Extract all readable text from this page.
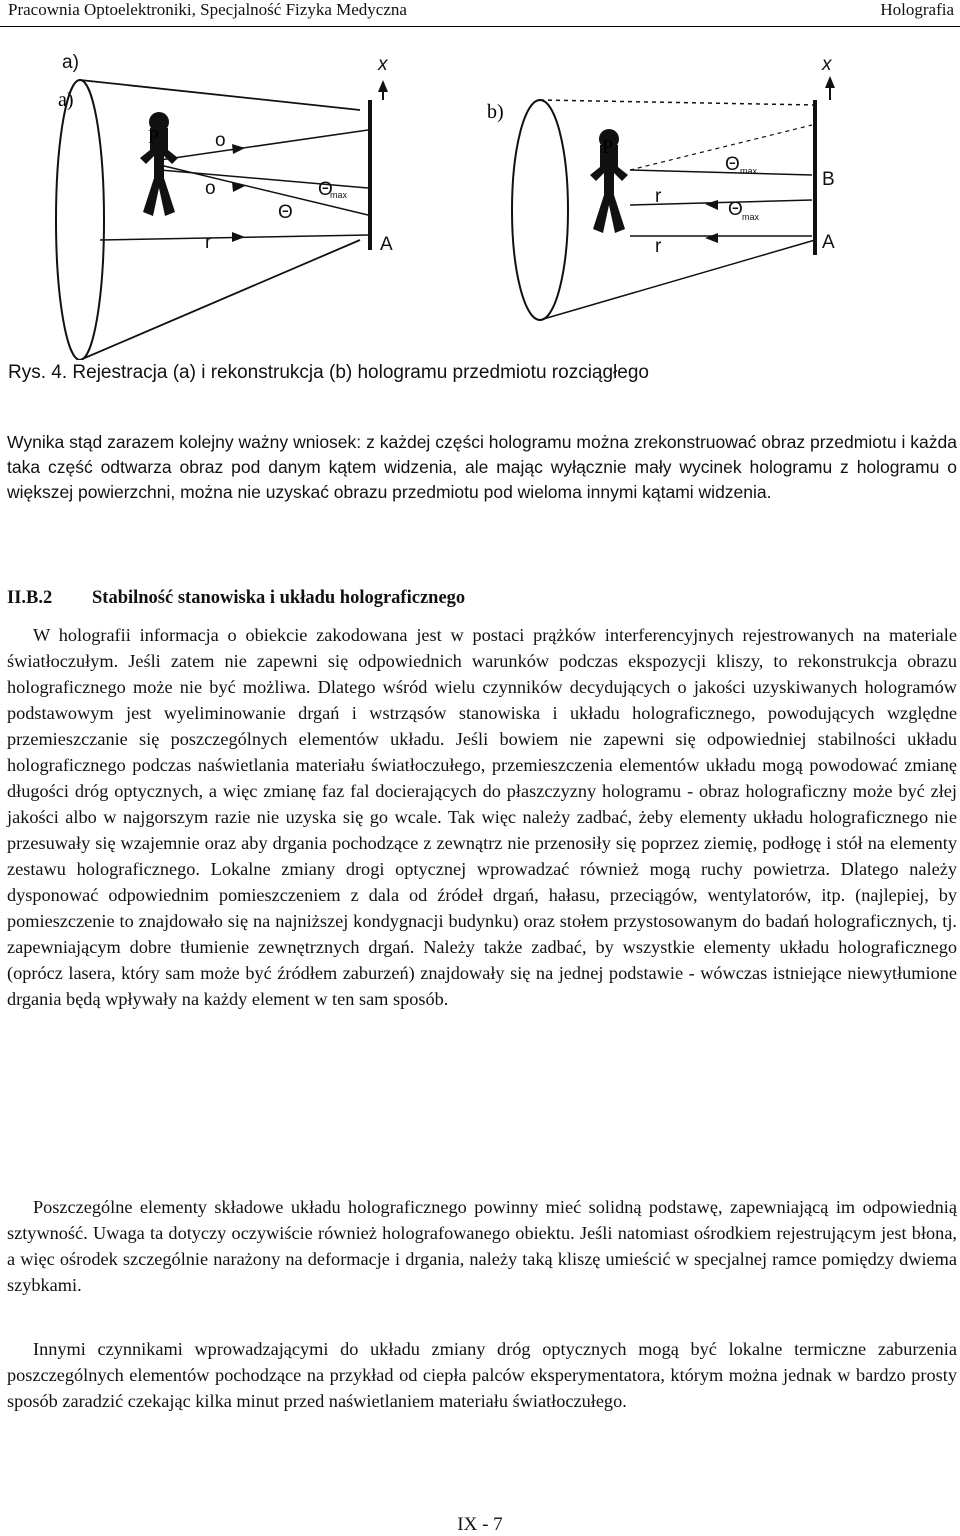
Pracownia Optoelektroniki, Specjalność Fizyka Medyczna	Holografia
a)
a)
x
P	o
o
r
Θ
max
Θ
A
b)
x
P
r
r
Θ max
Θ max
B
A
Rys. 4. Rejestracja (a) i rekonstrukcja (b) hologramu przedmiotu rozciągłego

Wynika stąd zarazem kolejny ważny wniosek: z każdej części hologramu można zrekonstruować obraz przedmiotu i każda taka część odtwarza obraz pod danym kątem widzenia, ale mając wyłącznie mały wycinek hologramu z hologramu o większej powierzchni, można nie uzyskać obrazu przedmiotu pod wieloma innymi kątami widzenia.

II.B.2 Stabilność stanowiska i układu holograficznego

W holografii informacja o obiekcie zakodowana jest w postaci prążków interferencyjnych rejestrowanych na materiale światłoczułym. Jeśli zatem nie zapewni się odpowiednich warunków podczas ekspozycji kliszy, to rekonstrukcja obrazu holograficznego może nie być możliwa. Dlatego wśród wielu czynników decydujących o jakości uzyskiwanych hologramów podstawowym jest wyeliminowanie drgań i wstrząsów stanowiska i układu holograficznego, powodujących względne przemieszczanie się poszczególnych elementów układu. Jeśli bowiem nie zapewni się odpowiedniej stabilności układu holograficznego podczas naświetlania materiału światłoczułego, przemieszczenia elementów układu mogą powodować zmianę długości dróg optycznych, a więc zmianę faz fal docierających do płaszczyzny hologramu - obraz holograficzny może być złej jakości albo w najgorszym razie nie uzyska się go wcale. Tak więc należy zadbać, żeby elementy układu holograficznego nie przesuwały się wzajemnie oraz aby drgania pochodzące z zewnątrz nie przenosiły się poprzez ziemię, podłogę i stół na elementy zestawu holograficznego. Lokalne zmiany drogi optycznej wprowadzać również mogą ruchy powietrza. Dlatego należy dysponować odpowiednim pomieszczeniem z dala od źródeł drgań, hałasu, przeciągów, wentylatorów, itp. (najlepiej, by pomieszczenie to znajdowało się na najniższej kondygnacji budynku) oraz stołem przystosowanym do badań holograficznych, tj. zapewniającym dobre tłumienie zewnętrznych drgań. Należy także zadbać, by wszystkie elementy układu holograficznego (oprócz lasera, który sam może być źródłem zaburzeń) znajdowały się na jednej podstawie - wówczas istniejące niewytłumione drgania będą wpływały na każdy element w ten sam sposób.

Poszczególne elementy składowe układu holograficznego powinny mieć solidną podstawę, zapewniającą im odpowiednią sztywność. Uwaga ta dotyczy oczywiście również holografowanego obiektu. Jeśli natomiast ośrodkiem rejestrującym jest błona, a więc ośrodek szczególnie narażony na deformacje i drgania, należy taką kliszę umieścić w specjalnej ramce pomiędzy dwiema szybkami.

Innymi czynnikami wprowadzającymi do układu zmiany dróg optycznych mogą być lokalne termiczne zaburzenia poszczególnych elementów pochodzące na przykład od ciepła palców eksperymentatora, którym można jednak w bardzo prosty sposób zaradzić czekając kilka minut przed naświetlaniem materiału światłoczułego.

IX - 7
